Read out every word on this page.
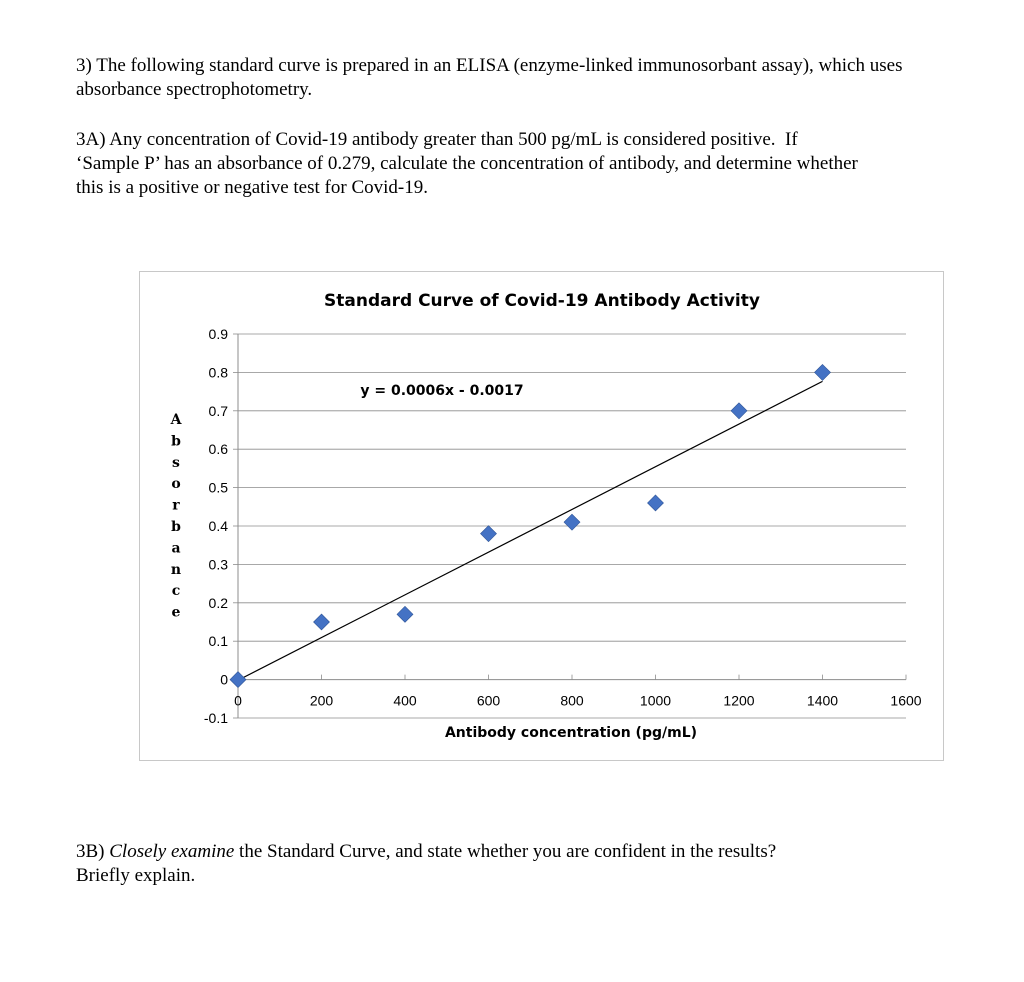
3) The following standard curve is prepared in an ELISA (enzyme-linked immunosorbant assay), which uses absorbance spectrophotometry.
3A) Any concentration of Covid-19 antibody greater than 500 pg/mL is considered positive.  If
‘Sample P’ has an absorbance of 0.279, calculate the concentration of antibody, and determine whether
this is a positive or negative test for Covid-19.
-0.1
0
0.1
0.2
0.3
0.4
0.5
0.6
0.7
0.8
0.9
0	200	400	600	800	1000	1200	1400	1600
Standard Curve of Covid-19 Antibody Activity
Antibody concentration (pg/mL)
A
b
s
o
r
b
a
n
c
e
y = 0.0006x - 0.0017
3B) Closely examine the Standard Curve, and state whether you are confident in the results?
Briefly explain.
